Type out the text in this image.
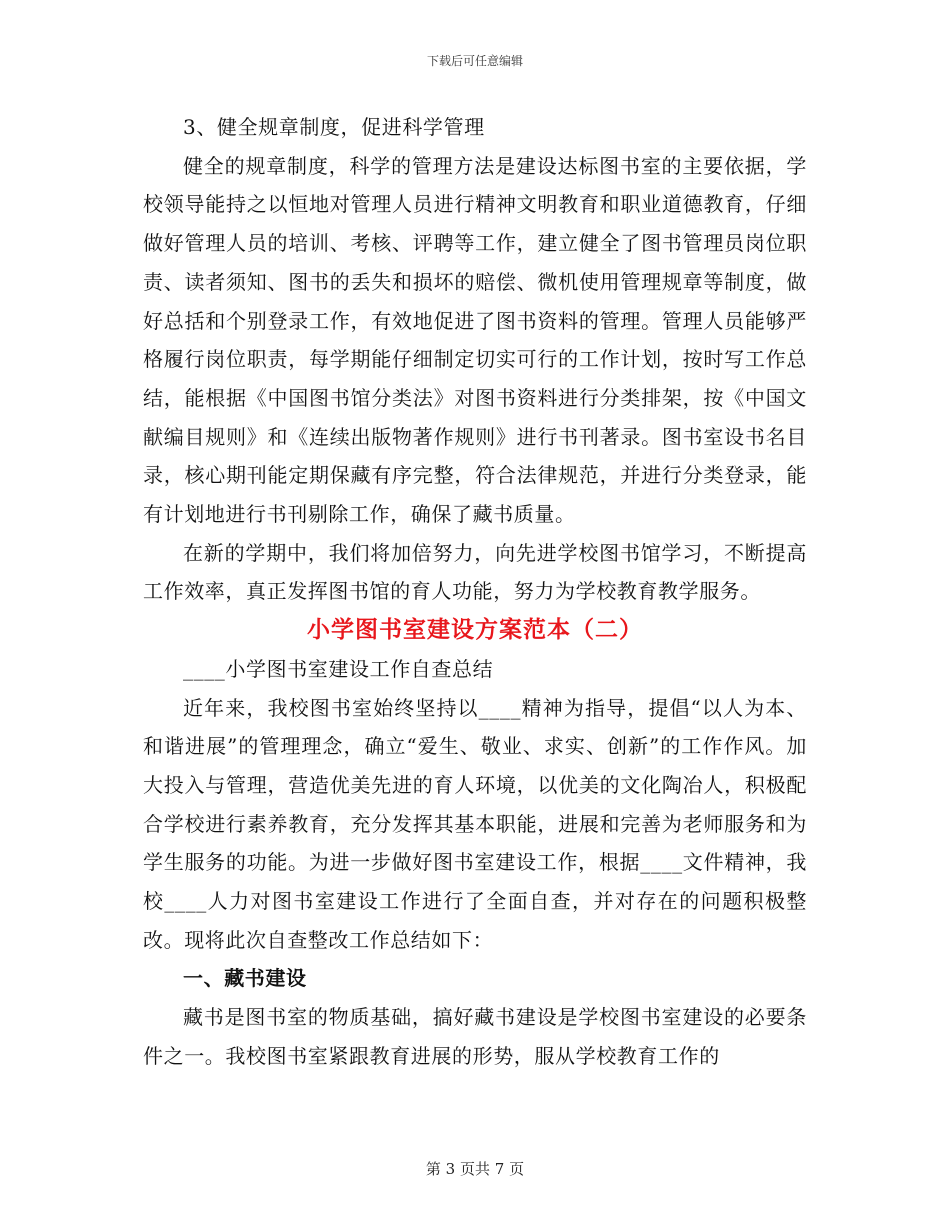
下载后可任意编辑

3、健全规章制度，促进科学管理

健全的规章制度，科学的管理方法是建设达标图书室的主要依据，学校领导能持之以恒地对管理人员进行精神文明教育和职业道德教育，仔细做好管理人员的培训、考核、评聘等工作，建立健全了图书管理员岗位职责、读者须知、图书的丢失和损坏的赔偿、微机使用管理规章等制度，做好总括和个别登录工作，有效地促进了图书资料的管理。管理人员能够严格履行岗位职责，每学期能仔细制定切实可行的工作计划，按时写工作总结，能根据《中国图书馆分类法》对图书资料进行分类排架，按《中国文献编目规则》和《连续出版物著作规则》进行书刊著录。图书室设书名目录，核心期刊能定期保藏有序完整，符合法律规范，并进行分类登录，能有计划地进行书刊剔除工作，确保了藏书质量。

在新的学期中，我们将加倍努力，向先进学校图书馆学习，不断提高工作效率，真正发挥图书馆的育人功能，努力为学校教育教学服务。

小学图书室建设方案范本（二）

____小学图书室建设工作自查总结

近年来，我校图书室始终坚持以____精神为指导，提倡“以人为本、和谐进展”的管理理念，确立“爱生、敬业、求实、创新”的工作作风。加大投入与管理，营造优美先进的育人环境，以优美的文化陶冶人，积极配合学校进行素养教育，充分发挥其基本职能，进展和完善为老师服务和为学生服务的功能。为进一步做好图书室建设工作，根据____文件精神，我校____人力对图书室建设工作进行了全面自查，并对存在的问题积极整改。现将此次自查整改工作总结如下：

一、藏书建设

藏书是图书室的物质基础，搞好藏书建设是学校图书室建设的必要条件之一。我校图书室紧跟教育进展的形势，服从学校教育工作的

第 3 页共 7 页
